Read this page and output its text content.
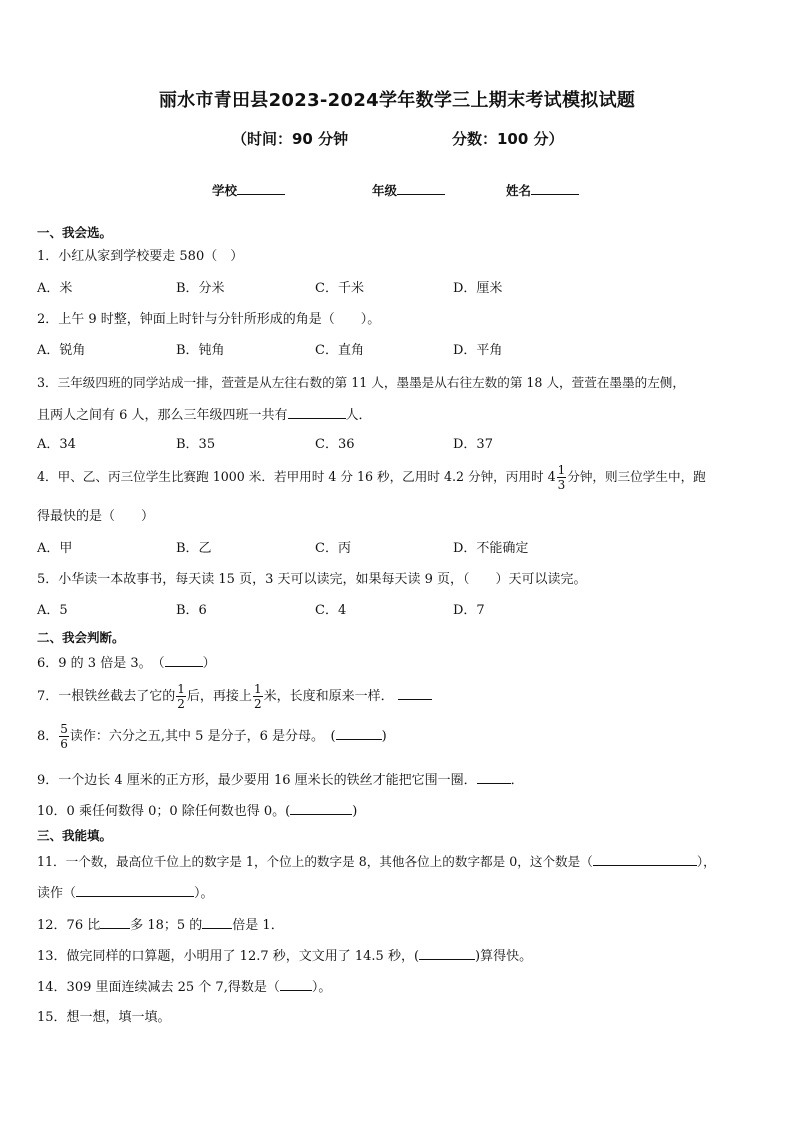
丽水市青田县2023-2024学年数学三上期末考试模拟试题
（时间：90 分钟	分数：100 分）
学校	年级	姓名
一、我会选。
1．小红从家到学校要走 580（　）
A．米	B．分米	C．千米	D．厘米
2．上午 9 时整，钟面上时针与分针所形成的角是（　　）。
A．锐角	B．钝角	C．直角	D．平角
3．三年级四班的同学站成一排，萱萱是从左往右数的第 11 人，墨墨是从右往左数的第 18 人，萱萱在墨墨的左侧，
且两人之间有 6 人，那么三年级四班一共有	人．
A．34	B．35	C．36	D．37
4．甲、乙、丙三位学生比赛跑 1000 米．若甲用时 4 分 16 秒，乙用时 4.2 分钟，丙用时 $4 \frac{1}{3}$ 分钟，则三位学生中，跑
得最快的是（　　）
A．甲	B．乙	C．丙	D．不能确定
5．小华读一本故事书，每天读 15 页，3 天可以读完，如果每天读 9 页，（　　）天可以读完。
A．5	B．6	C．4	D．7
二、我会判断。
6．9 的 3 倍是 3。　（	）
7．一根铁丝截去了它的 $\frac{1}{2}$ 后，再接上 $\frac{1}{2}$ 米，长度和原来一样．
8． $\frac{5}{6}$ 读作：六分之五,其中 5 是分子，6 是分母。　(	)
9．一个边长 4 厘米的正方形，最少要用 16 厘米长的铁丝才能把它围一圈．	．
10．0 乘任何数得 0；0 除任何数也得 0。(	)
三、我能填。
11．一个数，最高位千位上的数字是 1，个位上的数字是 8，其他各位上的数字都是 0，这个数是（	），
读作（	）。
12．76 比 多 18；5 的 倍是 1．
13．做完同样的口算题，小明用了 12.7 秒，文文用了 14.5 秒，(	)算得快。
14．309 里面连续减去 25 个 7,得数是（ ）。
15．想一想，填一填。
